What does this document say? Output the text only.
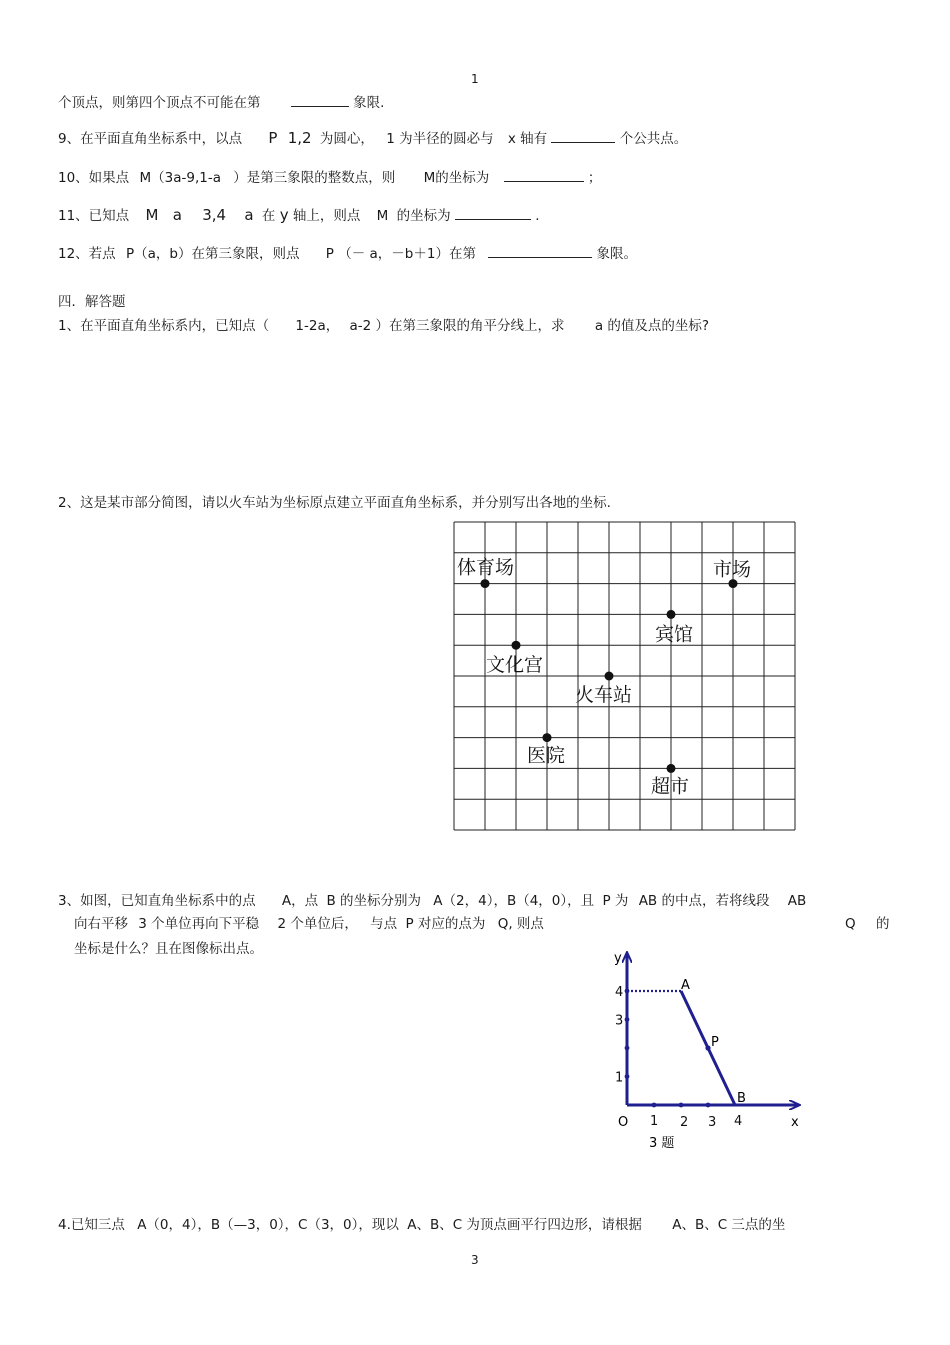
1
个顶点，则第四个顶点不可能在第	象限.
9、在平面直角坐标系中，以点 P 1,2 为圆心， 1 为半径的圆必与 x 轴有	个公共点。
10、如果点 M（3a-9,1-a ）是第三象限的整数点，则 M的坐标为	；
11、已知点 M a 3,4 a 在 y 轴上，则点 M 的坐标为	.
12、若点 P（a，b）在第三象限，则点 P （－ a，－b＋1）在第	象限。
四．解答题
1、在平面直角坐标系内，已知点（ 1-2a， a-2 ）在第三象限的角平分线上，求 a 的值及点的坐标?
2、这是某市部分简图，请以火车站为坐标原点建立平面直角坐标系，并分别写出各地的坐标.
体育场	市场
宾馆
文化宫
火车站
医院
超市
3、如图，已知直角坐标系中的点 A，点 B 的坐标分别为 A（2，4），B（4，0），且 P 为 AB 的中点，若将线段 AB
向右平移 3 个单位再向下平稳 2 个单位后， 与点 P 对应的点为 Q, 则点	Q 的
坐标是什么？且在图像标出点。
4
3
1
1 2 3 4
y
x
O
A
B
P
3 题
4.已知三点 A（0，4），B（—3，0），C（3，0），现以 A、B、C 为顶点画平行四边形，请根据 A、B、C 三点的坐
3
